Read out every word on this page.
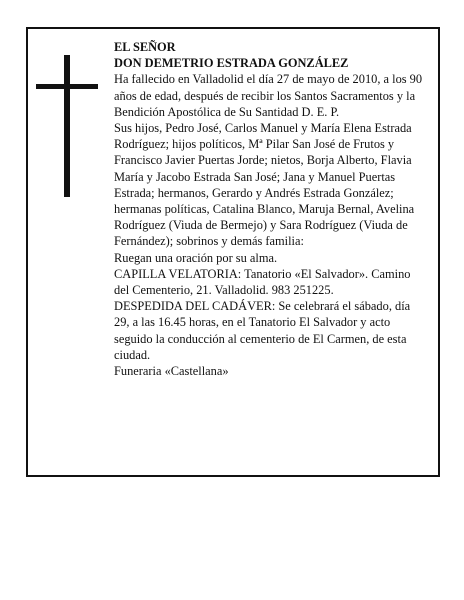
EL SEÑOR

DON DEMETRIO ESTRADA GONZÁLEZ

Ha fallecido en Valladolid el día 27 de mayo de 2010, a los 90 años de edad, después de recibir los Santos Sacramentos y la Bendición Apostólica de Su Santidad D. E. P.

Sus hijos, Pedro José, Carlos Manuel y María Elena Estrada Rodríguez; hijos políticos, Mª Pilar San José de Frutos y Francisco Javier Puertas Jorde; nietos, Borja Alberto, Flavia María y Jacobo Estrada San José; Jana y Manuel Puertas Estrada; hermanos, Gerardo y Andrés Estrada González; hermanas políticas, Catalina Blanco, Maruja Bernal, Avelina Rodríguez (Viuda de Bermejo) y Sara Rodríguez (Viuda de Fernández); sobrinos y demás familia:

Ruegan una oración por su alma.

CAPILLA VELATORIA: Tanatorio «El Salvador». Camino del Cementerio, 21. Valladolid. 983 251225.

DESPEDIDA DEL CADÁVER: Se celebrará el sábado, día 29, a las 16.45 horas, en el Tanatorio El Salvador y acto seguido la conducción al cementerio de El Carmen, de esta ciudad.

Funeraria «Castellana»
